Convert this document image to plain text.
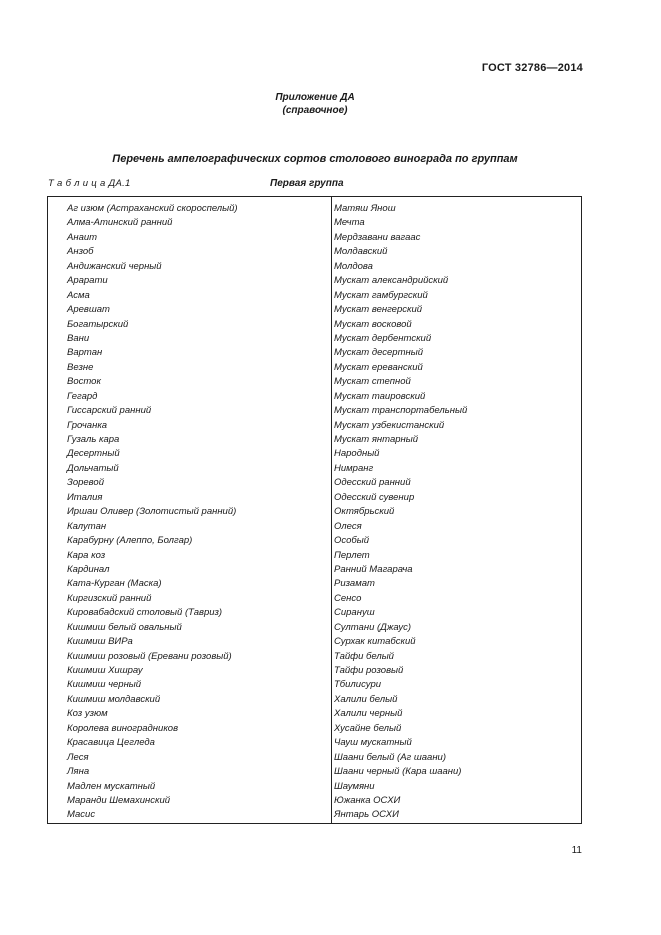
ГОСТ 32786—2014
Приложение ДА
(справочное)
Перечень ампелографических сортов столового винограда по группам
Т а б л и ц а ДА.1	Первая группа
Аг изюм (Астраханский скороспелый)
Алма-Атинский ранний
Анаит
Анзоб
Андижанский черный
Арарати
Асма
Аревшат
Богатырский
Вани
Вартан
Везне
Восток
Гегард
Гиссарский ранний
Грочанка
Гузаль кара
Десертный
Дольчатый
Зоревой
Италия
Иршаи Оливер (Золотистый ранний)
Калутан
Карабурну (Алеппо, Болгар)
Кара коз
Кардинал
Ката-Курган (Маска)
Киргизский ранний
Кировабадский столовый (Тавриз)
Кишмиш белый овальный
Кишмиш ВИРа
Кишмиш розовый (Еревани розовый)
Кишмиш Хишрау
Кишмиш черный
Кишмиш молдавский
Коз узюм
Королева виноградников
Красавица Цегледа
Леся
Ляна
Мадлен мускатный
Маранди Шемахинский
Масис
Матяш Янош
Мечта
Мердзавани вагаас
Молдавский
Молдова
Мускат александрийский
Мускат гамбургский
Мускат венгерский
Мускат восковой
Мускат дербентский
Мускат десертный
Мускат ереванский
Мускат степной
Мускат таировский
Мускат транспортабельный
Мускат узбекистанский
Мускат янтарный
Народный
Нимранг
Одесский ранний
Одесский сувенир
Октябрьский
Олеся
Особый
Перлет
Ранний Магарача
Ризамат
Сенсо
Сирануш
Султани (Джаус)
Сурхак китабский
Тайфи белый
Тайфи розовый
Тбилисури
Халили белый
Халили черный
Хусайне белый
Чауш мускатный
Шаани белый (Аг шаани)
Шаани черный (Кара шаани)
Шаумяни
Южанка ОСХИ
Янтарь ОСХИ
11
